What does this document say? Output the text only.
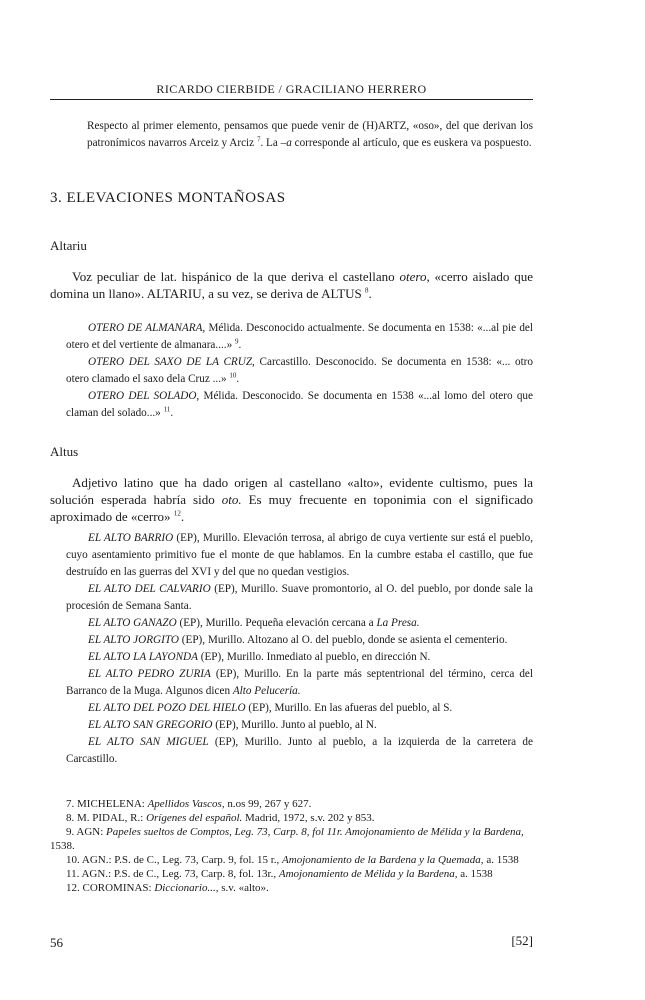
RICARDO CIERBIDE / GRACILIANO HERRERO

Respecto al primer elemento, pensamos que puede venir de (H)ARTZ, «oso», del que derivan los patronímicos navarros Arceiz y Arciz $^7$. La –a corresponde al artículo, que es euskera va pospuesto.

3. ELEVACIONES MONTAÑOSAS
Altariu

Voz peculiar de lat. hispánico de la que deriva el castellano otero, «cerro aislado que domina un llano». ALTARIU, a su vez, se deriva de ALTUS $^8$.

OTERO DE ALMANARA, Mélida. Desconocido actualmente. Se documenta en 1538: «...al pie del otero et del vertiente de almanara....» $^9$.

OTERO DEL SAXO DE LA CRUZ, Carcastillo. Desconocido. Se documenta en 1538: «... otro otero clamado el saxo dela Cruz ...» $^{10}$.

OTERO DEL SOLADO, Mélida. Desconocido. Se documenta en 1538 «...al lomo del otero que claman del solado...» $^{11}$.

Altus

Adjetivo latino que ha dado origen al castellano «alto», evidente cultismo, pues la solución esperada habría sido oto. Es muy frecuente en toponimia con el significado aproximado de «cerro» $^{12}$.

EL ALTO BARRIO (EP), Murillo. Elevación terrosa, al abrigo de cuya vertiente sur está el pueblo, cuyo asentamiento primitivo fue el monte de que hablamos. En la cumbre estaba el castillo, que fue destruído en las guerras del XVI y del que no quedan vestigios.

EL ALTO DEL CALVARIO (EP), Murillo. Suave promontorio, al O. del pueblo, por donde sale la procesión de Semana Santa.

EL ALTO GANAZO (EP), Murillo. Pequeña elevación cercana a La Presa.

EL ALTO JORGITO (EP), Murillo. Altozano al O. del pueblo, donde se asienta el cementerio.

EL ALTO LA LAYONDA (EP), Murillo. Inmediato al pueblo, en dirección N.

EL ALTO PEDRO ZURIA (EP), Murillo. En la parte más septentrional del término, cerca del Barranco de la Muga. Algunos dicen Alto Pelucería.

EL ALTO DEL POZO DEL HIELO (EP), Murillo. En las afueras del pueblo, al S.

EL ALTO SAN GREGORIO (EP), Murillo. Junto al pueblo, al N.

EL ALTO SAN MIGUEL (EP), Murillo. Junto al pueblo, a la izquierda de la carretera de Carcastillo.

7. MICHELENA: Apellidos Vascos, n.os 99, 267 y 627.

8. M. PIDAL, R.: Orígenes del español. Madrid, 1972, s.v. 202 y 853.

9. AGN: Papeles sueltos de Comptos, Leg. 73, Carp. 8, fol 11r. Amojonamiento de Mélida y la Bardena, 1538.

10. AGN.: P.S. de C., Leg. 73, Carp. 9, fol. 15 r., Amojonamiento de la Bardena y la Quemada, a. 1538

11. AGN.: P.S. de C., Leg. 73, Carp. 8, fol. 13r., Amojonamiento de Mélida y la Bardena, a. 1538

12. COROMINAS: Diccionario..., s.v. «alto».

56	[52]
